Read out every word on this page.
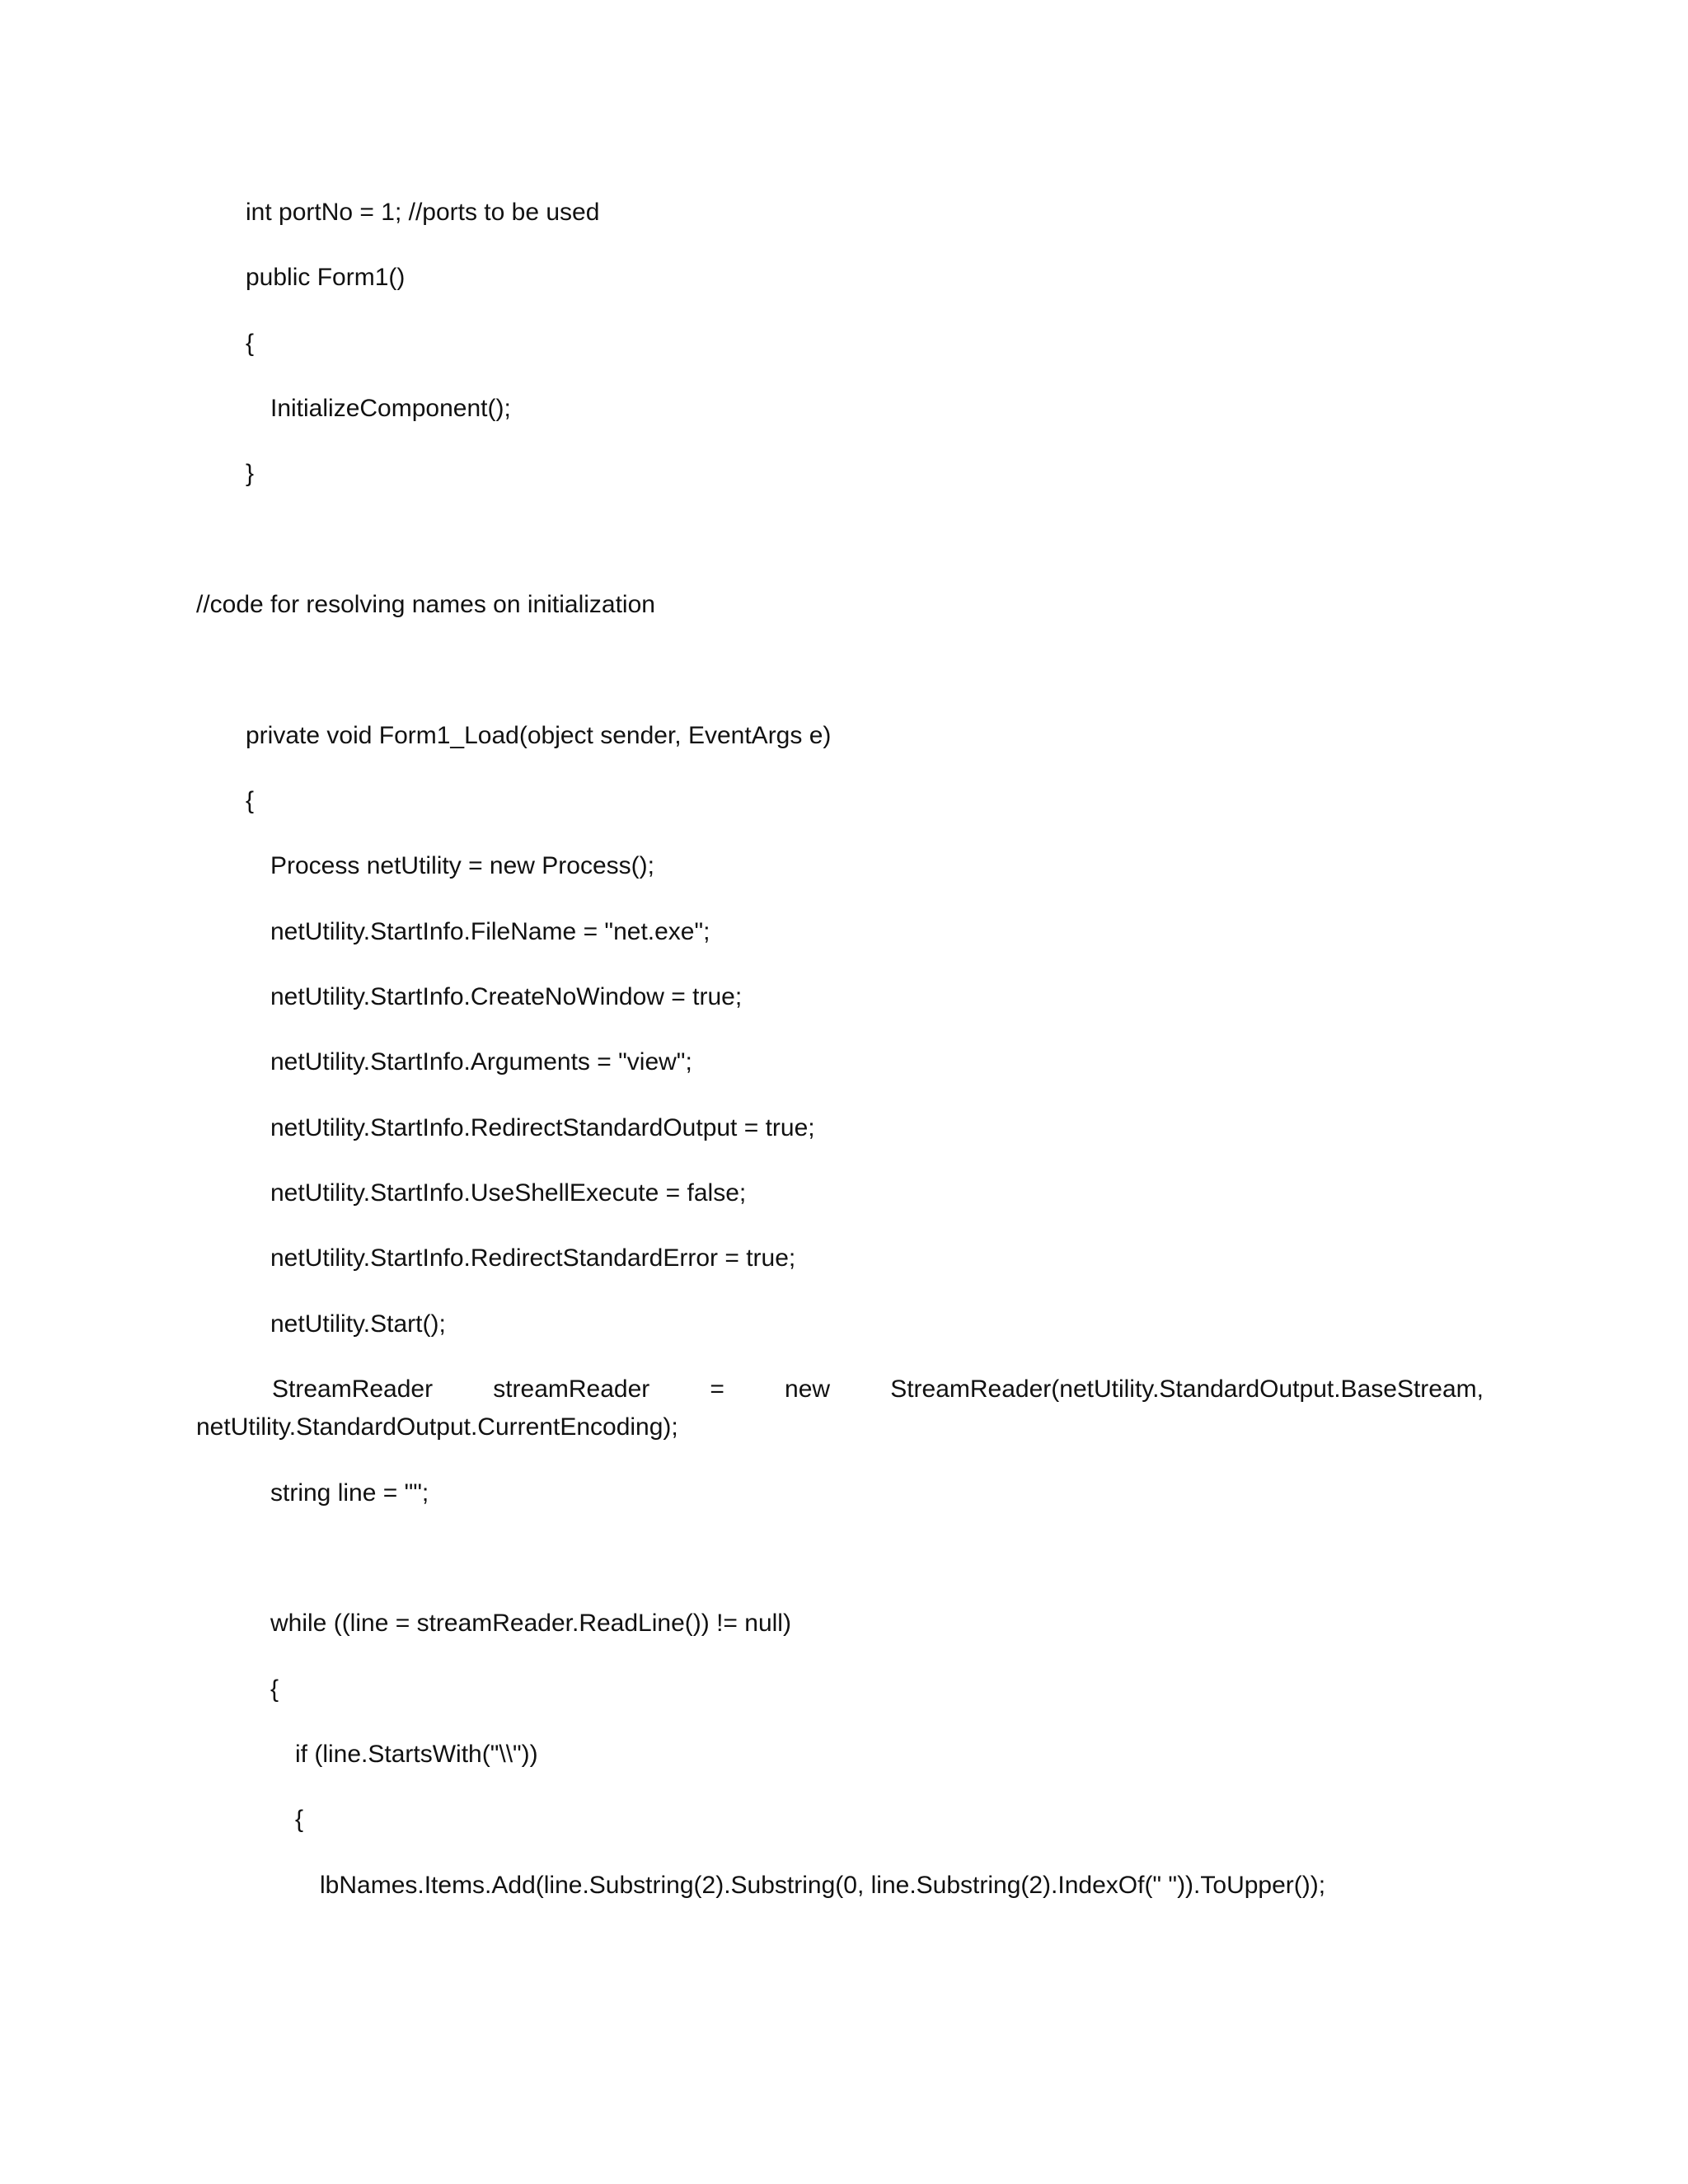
int portNo = 1; //ports to be used
public Form1()
{
InitializeComponent();
}
//code for resolving names on initialization
private void Form1_Load(object sender, EventArgs e)
{
Process netUtility = new Process();
netUtility.StartInfo.FileName = "net.exe";
netUtility.StartInfo.CreateNoWindow = true;
netUtility.StartInfo.Arguments = "view";
netUtility.StartInfo.RedirectStandardOutput = true;
netUtility.StartInfo.UseShellExecute = false;
netUtility.StartInfo.RedirectStandardError = true;
netUtility.Start();
StreamReader streamReader = new StreamReader(netUtility.StandardOutput.BaseStream,
netUtility.StandardOutput.CurrentEncoding);
string line = "";
while ((line = streamReader.ReadLine()) != null)
{
if (line.StartsWith("\\"))
{
lbNames.Items.Add(line.Substring(2).Substring(0, line.Substring(2).IndexOf(" ")).ToUpper());
